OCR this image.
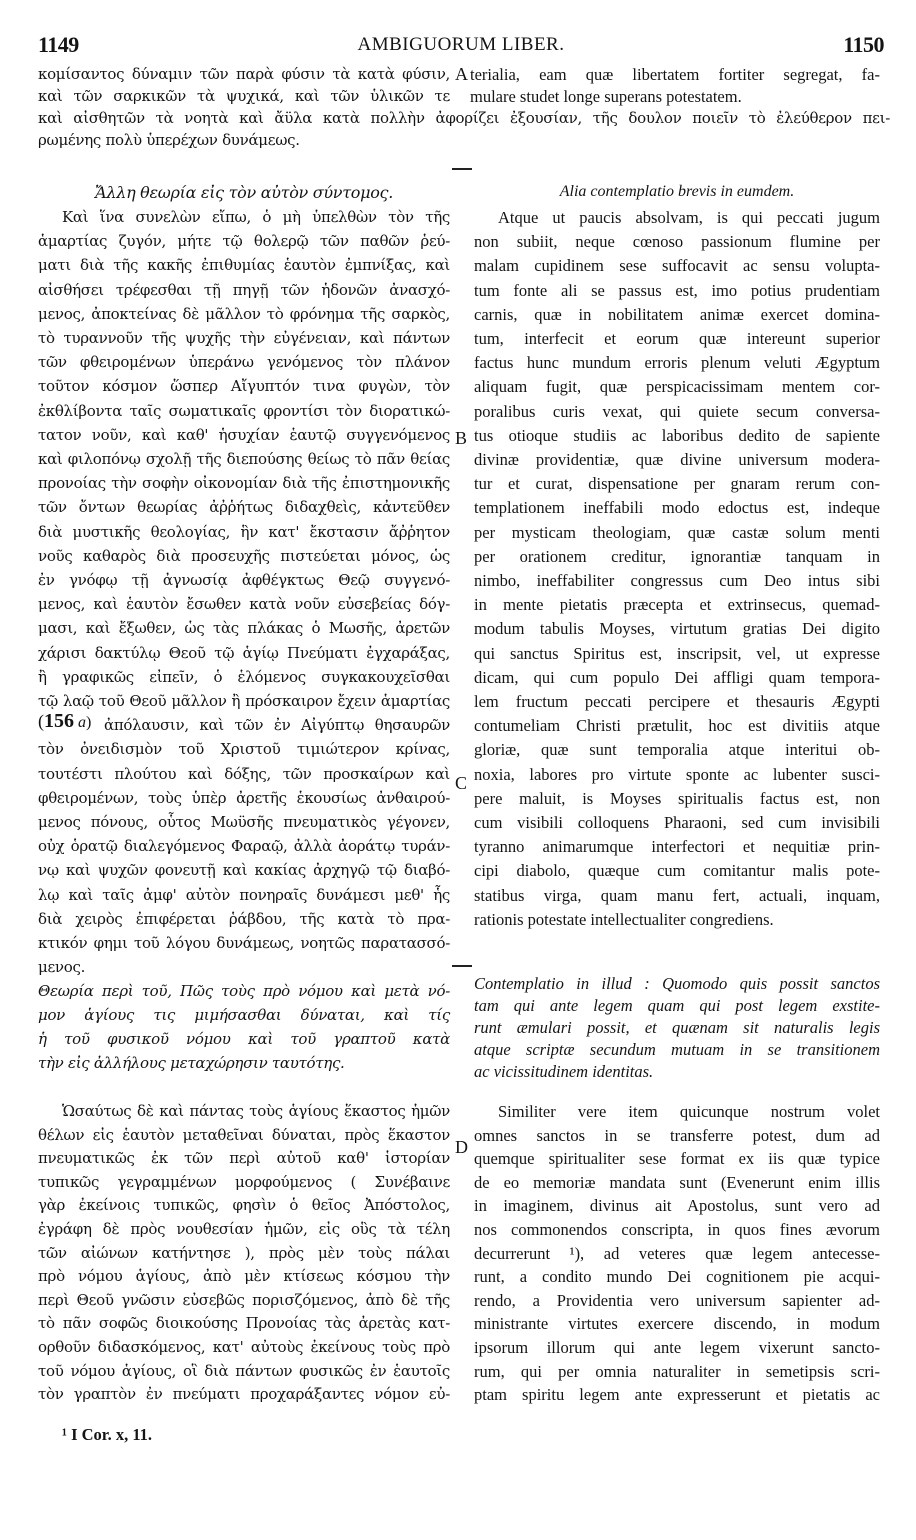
1149	AMBIGUORUM LIBER.	1150
κομίσαντος δύναμιν τῶν παρὰ φύσιν τὰ κατὰ φύσιν,
καὶ τῶν σαρκικῶν τὰ ψυχικά, καὶ τῶν ὑλικῶν τε
καὶ αἰσθητῶν τὰ νοητὰ καὶ ἄϋλα κατὰ πολλὴν ἀφορίζει ἐξουσίαν, τῆς δουλον ποιεῖν τὸ ἐλεύθερον πει-
ρωμένης πολὺ ὑπερέχων δυνάμεως.
A terialia, eam quæ libertatem fortiter segregat, fa-
mulare studet longe superans potestatem.
Ἄλλη θεωρία εἰς τὸν αὐτὸν σύντομος.	Alia contemplatio brevis in eumdem.
Καὶ ἵνα συνελὼν εἴπω, ὁ μὴ ὑπελθὼν τὸν τῆς
ἁμαρτίας ζυγόν, μήτε τῷ θολερῷ τῶν παθῶν ῥεύ-
ματι διὰ τῆς κακῆς ἐπιθυμίας ἑαυτὸν ἐμπνίξας, καὶ
αἰσθήσει τρέφεσθαι τῇ πηγῇ τῶν ἡδονῶν ἀνασχό-
μενος, ἀποκτείνας δὲ μᾶλλον τὸ φρόνημα τῆς σαρκὸς,
τὸ τυραννοῦν τῆς ψυχῆς τὴν εὐγένειαν, καὶ πάντων
τῶν φθειρομένων ὑπεράνω γενόμενος τὸν πλάνον
τοῦτον κόσμον ὥσπερ Αἴγυπτόν τινα φυγὼν, τὸν
ἐκθλίβοντα ταῖς σωματικαῖς φροντίσι τὸν διορατικώ-
τατον νοῦν, καὶ καθ' ἡσυχίαν ἑαυτῷ συγγενόμενος
καὶ φιλοπόνῳ σχολῇ τῆς διεπούσης θείως τὸ πᾶν θείας
προνοίας τὴν σοφὴν οἰκονομίαν διὰ τῆς ἐπιστημονικῆς
τῶν ὄντων θεωρίας ἀῤῥήτως διδαχθεὶς, κἀντεῦθεν
διὰ μυστικῆς θεολογίας, ἣν κατ' ἔκστασιν ἄῤῥητον
νοῦς καθαρὸς διὰ προσευχῆς πιστεύεται μόνος, ὡς
ἐν γνόφῳ τῇ ἀγνωσίᾳ ἀφθέγκτως Θεῷ συγγενό-
μενος, καὶ ἑαυτὸν ἔσωθεν κατὰ νοῦν εὐσεβείας δόγ-
μασι, καὶ ἔξωθεν, ὡς τὰς πλάκας ὁ Μωσῆς, ἀρετῶν
χάρισι δακτύλῳ Θεοῦ τῷ ἁγίῳ Πνεύματι ἐγχαράξας,
ἢ γραφικῶς εἰπεῖν, ὁ ἑλόμενος συγκακουχεῖσθαι
τῷ λαῷ τοῦ Θεοῦ μᾶλλον ἢ πρόσκαιρον ἔχειν ἁμαρτίας
ἀπόλαυσιν, καὶ τῶν ἐν Αἰγύπτῳ θησαυρῶν
τὸν ὀνειδισμὸν τοῦ Χριστοῦ τιμιώτερον κρίνας,
τουτέστι πλούτου καὶ δόξης, τῶν προσκαίρων καὶ
φθειρομένων, τοὺς ὑπὲρ ἀρετῆς ἑκουσίως ἀνθαιρού-
μενος πόνους, οὗτος Μωϋσῆς πνευματικὸς γέγονεν,
οὐχ ὁρατῷ διαλεγόμενος Φαραῷ, ἀλλὰ ἀοράτῳ τυράν-
νῳ καὶ ψυχῶν φονευτῇ καὶ κακίας ἀρχηγῷ τῷ διαβό-
λῳ καὶ ταῖς ἀμφ' αὐτὸν πονηραῖς δυνάμεσι μεθ' ἧς
διὰ χειρὸς ἐπιφέρεται ῥάβδου, τῆς κατὰ τὸ πρα-
κτικόν φημι τοῦ λόγου δυνάμεως, νοητῶς παρατασσό-
μενος.
(156 a)
Atque ut paucis absolvam, is qui peccati jugum
non subiit, neque cœnoso passionum flumine per
malam cupidinem sese suffocavit ac sensu volupta-
tum fonte ali se passus est, imo potius prudentiam
carnis, quæ in nobilitatem animæ exercet domina-
tum, interfecit et eorum quæ intereunt superior
factus hunc mundum erroris plenum veluti Ægyptum
aliquam fugit, quæ perspicacissimam mentem cor-
poralibus curis vexat, qui quiete secum conversa-
tus otioque studiis ac laboribus dedito de sapiente
divinæ providentiæ, quæ divine universum modera-
tur et curat, dispensatione per gnaram rerum con-
templationem ineffabili modo edoctus est, indeque
per mysticam theologiam, quæ castæ solum menti
per orationem creditur, ignorantiæ tanquam in
nimbo, ineffabiliter congressus cum Deo intus sibi
in mente pietatis præcepta et extrinsecus, quemad-
modum tabulis Moyses, virtutum gratias Dei digito
qui sanctus Spiritus est, inscripsit, vel, ut expresse
dicam, qui cum populo Dei affligi quam tempora-
lem fructum peccati percipere et thesauris Ægypti
contumeliam Christi prætulit, hoc est divitiis atque
gloriæ, quæ sunt temporalia atque interitui ob-
noxia, labores pro virtute sponte ac lubenter susci-
pere maluit, is Moyses spiritualis factus est, non
cum visibili colloquens Pharaoni, sed cum invisibili
tyranno animarumque interfectori et nequitiæ prin-
cipi diabolo, quæque cum comitantur malis pote-
statibus virga, quam manu fert, actuali, inquam,
rationis potestate intellectualiter congrediens.
B
C
Θεωρία περὶ τοῦ, Πῶς τοὺς πρὸ νόμου καὶ μετὰ νό-
μον ἁγίους τις μιμήσασθαι δύναται, καὶ τίς
ἡ τοῦ φυσικοῦ νόμου καὶ τοῦ γραπτοῦ κατὰ
τὴν εἰς ἀλλήλους μεταχώρησιν ταυτότης.
Contemplatio in illud : Quomodo quis possit sanctos
tam qui ante legem quam qui post legem exstite-
runt æmulari possit, et quænam sit naturalis legis
atque scriptæ secundum mutuam in se transitionem
ac vicissitudinem identitas.
Ὡσαύτως δὲ καὶ πάντας τοὺς ἁγίους ἕκαστος ἡμῶν
θέλων εἰς ἑαυτὸν μεταθεῖναι δύναται, πρὸς ἕκαστον
πνευματικῶς ἐκ τῶν περὶ αὐτοῦ καθ' ἱστορίαν
τυπικῶς γεγραμμένων μορφούμενος ( Συνέβαινε
γὰρ ἐκείνοις τυπικῶς, φησὶν ὁ θεῖος Ἀπόστολος,
ἐγράφη δὲ πρὸς νουθεσίαν ἡμῶν, εἰς οὓς τὰ τέλη
τῶν αἰώνων κατήντησε ), πρὸς μὲν τοὺς πάλαι
πρὸ νόμου ἁγίους, ἀπὸ μὲν κτίσεως κόσμου τὴν
περὶ Θεοῦ γνῶσιν εὐσεβῶς πορισζόμενος, ἀπὸ δὲ τῆς
τὸ πᾶν σοφῶς διοικούσης Προνοίας τὰς ἀρετὰς κατ-
ορθοῦν διδασκόμενος, κατ' αὐτοὺς ἐκείνους τοὺς πρὸ
τοῦ νόμου ἁγίους, οἳ διὰ πάντων φυσικῶς ἐν ἑαυτοῖς
τὸν γραπτὸν ἐν πνεύματι προχαράξαντες νόμον εὐ-
Similiter vere item quicunque nostrum volet
omnes sanctos in se transferre potest, dum ad
quemque spiritualiter sese format ex iis quæ typice
de eo memoriæ mandata sunt (Evenerunt enim illis
in imaginem, divinus ait Apostolus, sunt vero ad
nos commonendos conscripta, in quos fines ævorum
decurrerunt ¹), ad veteres quæ legem antecesse-
runt, a condito mundo Dei cognitionem pie acqui-
rendo, a Providentia vero universum sapienter ad-
ministrante virtutes exercere discendo, in modum
ipsorum illorum qui ante legem vixerunt sancto-
rum, qui per omnia naturaliter in semetipsis scri-
ptam spiritu legem ante expresserunt et pietatis ac
D
¹ I Cor. x, 11.
